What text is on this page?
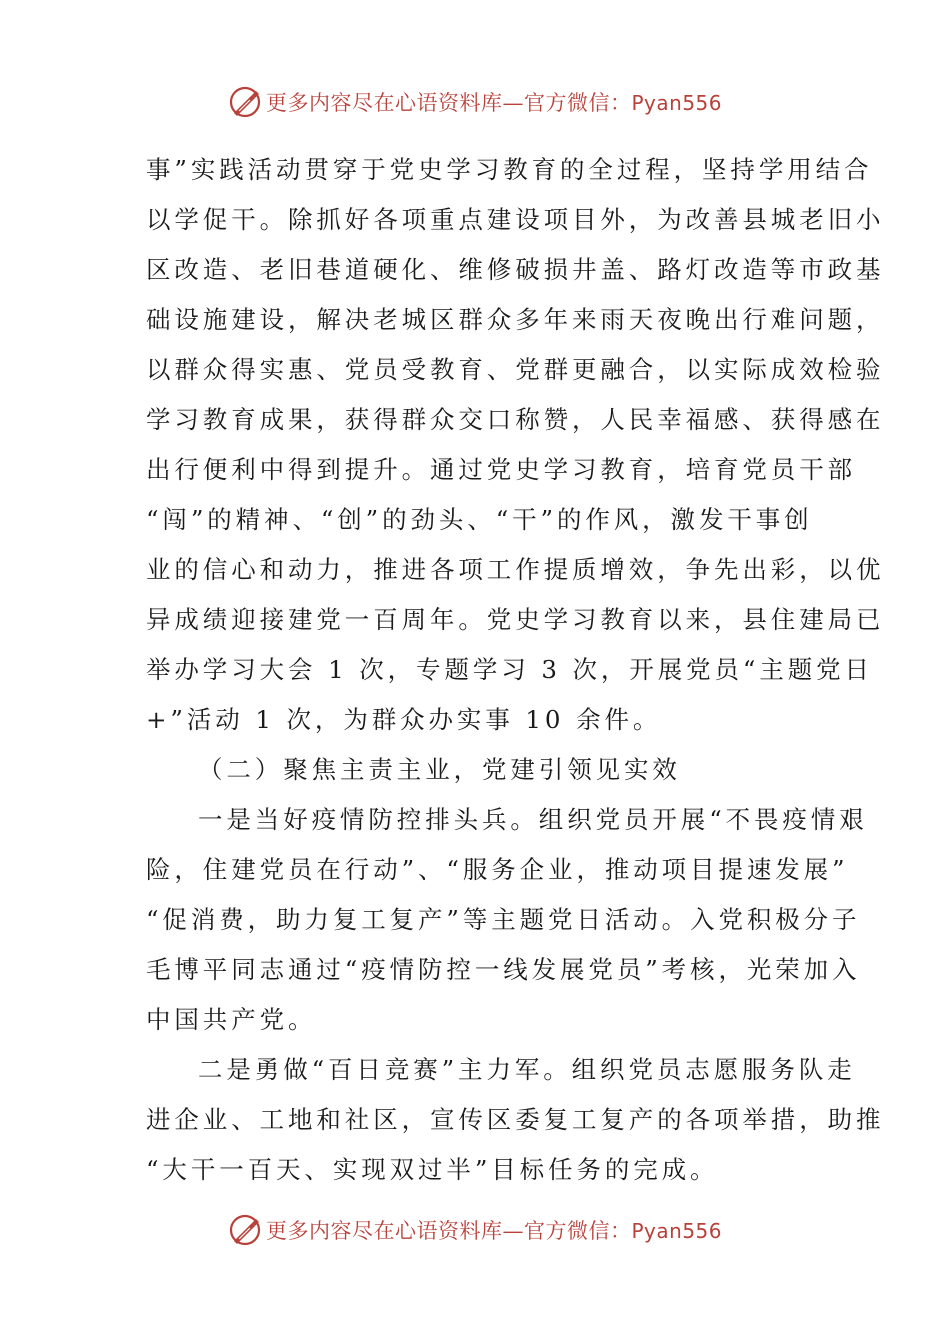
更多内容尽在心语资料库—官方微信：Pyan556
事”实践活动贯穿于党史学习教育的全过程，坚持学用结合
以学促干。除抓好各项重点建设项目外，为改善县城老旧小
区改造、老旧巷道硬化、维修破损井盖、路灯改造等市政基
础设施建设，解决老城区群众多年来雨天夜晚出行难问题，
以群众得实惠、党员受教育、党群更融合，以实际成效检验
学习教育成果，获得群众交口称赞，人民幸福感、获得感在
出行便利中得到提升。通过党史学习教育，培育党员干部
“闯”的精神、“创”的劲头、“干”的作风，激发干事创
业的信心和动力，推进各项工作提质增效，争先出彩，以优
异成绩迎接建党一百周年。党史学习教育以来，县住建局已
举办学习大会 1 次，专题学习 3 次，开展党员“主题党日
+”活动 1 次，为群众办实事 10 余件。
（二）聚焦主责主业，党建引领见实效
一是当好疫情防控排头兵。组织党员开展“不畏疫情艰
险，住建党员在行动”、“服务企业，推动项目提速发展”
“促消费，助力复工复产”等主题党日活动。入党积极分子
毛博平同志通过“疫情防控一线发展党员”考核，光荣加入
中国共产党。
二是勇做“百日竞赛”主力军。组织党员志愿服务队走
进企业、工地和社区，宣传区委复工复产的各项举措，助推
“大干一百天、实现双过半”目标任务的完成。
更多内容尽在心语资料库—官方微信：Pyan556
